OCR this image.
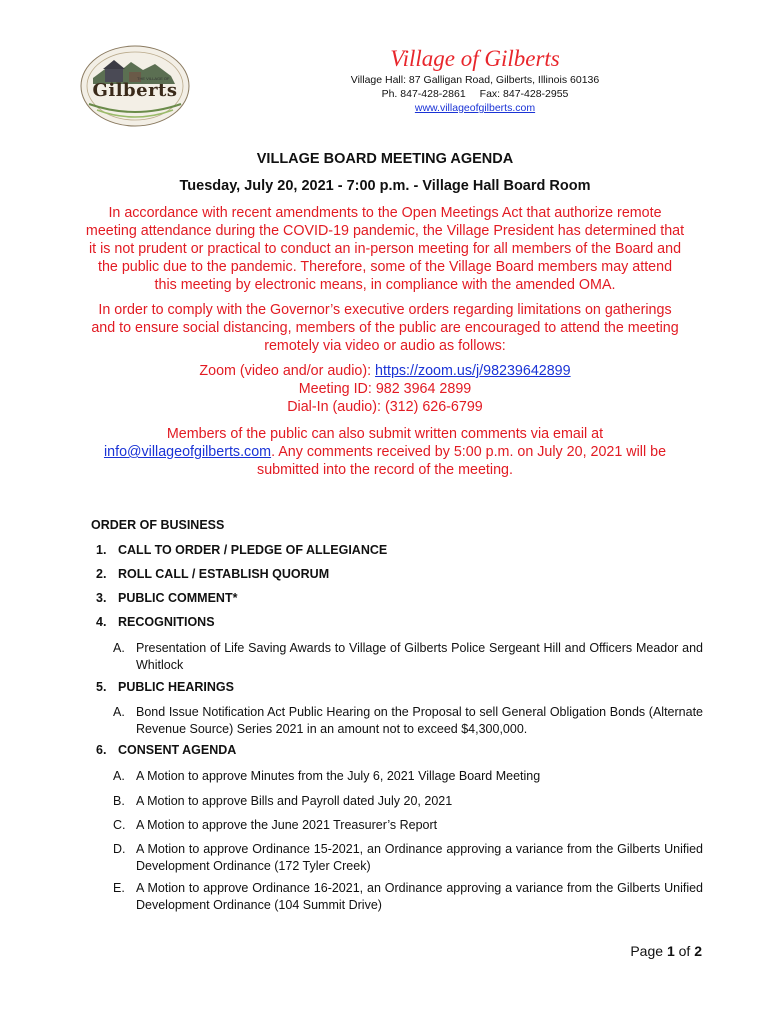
THE VILLAGE OF
Gilberts
Village of Gilberts
Village Hall: 87 Galligan Road, Gilberts, Illinois 60136
Ph. 847-428-2861 Fax: 847-428-2955
www.villageofgilberts.com
VILLAGE BOARD MEETING AGENDA
Tuesday, July 20, 2021 - 7:00 p.m. - Village Hall Board Room
In accordance with recent amendments to the Open Meetings Act that authorize remote
meeting attendance during the COVID-19 pandemic, the Village President has determined that
it is not prudent or practical to conduct an in-person meeting for all members of the Board and
the public due to the pandemic. Therefore, some of the Village Board members may attend
this meeting by electronic means, in compliance with the amended OMA.
In order to comply with the Governor’s executive orders regarding limitations on gatherings
and to ensure social distancing, members of the public are encouraged to attend the meeting
remotely via video or audio as follows:
Zoom (video and/or audio): https://zoom.us/j/98239642899
Meeting ID: 982 3964 2899
Dial-In (audio): (312) 626-6799
Members of the public can also submit written comments via email at
info@villageofgilberts.com. Any comments received by 5:00 p.m. on July 20, 2021 will be
submitted into the record of the meeting.
ORDER OF BUSINESS
1. CALL TO ORDER / PLEDGE OF ALLEGIANCE
2. ROLL CALL / ESTABLISH QUORUM
3. PUBLIC COMMENT*
4. RECOGNITIONS
A. Presentation of Life Saving Awards to Village of Gilberts Police Sergeant Hill and Officers Meador and Whitlock
5. PUBLIC HEARINGS
A. Bond Issue Notification Act Public Hearing on the Proposal to sell General Obligation Bonds (Alternate Revenue Source) Series 2021 in an amount not to exceed $4,300,000.
6. CONSENT AGENDA
A. A Motion to approve Minutes from the July 6, 2021 Village Board Meeting
B. A Motion to approve Bills and Payroll dated July 20, 2021
C. A Motion to approve the June 2021 Treasurer’s Report
D. A Motion to approve Ordinance 15-2021, an Ordinance approving a variance from the Gilberts Unified Development Ordinance (172 Tyler Creek)
E. A Motion to approve Ordinance 16-2021, an Ordinance approving a variance from the Gilberts Unified Development Ordinance (104 Summit Drive)
Page 1 of 2
